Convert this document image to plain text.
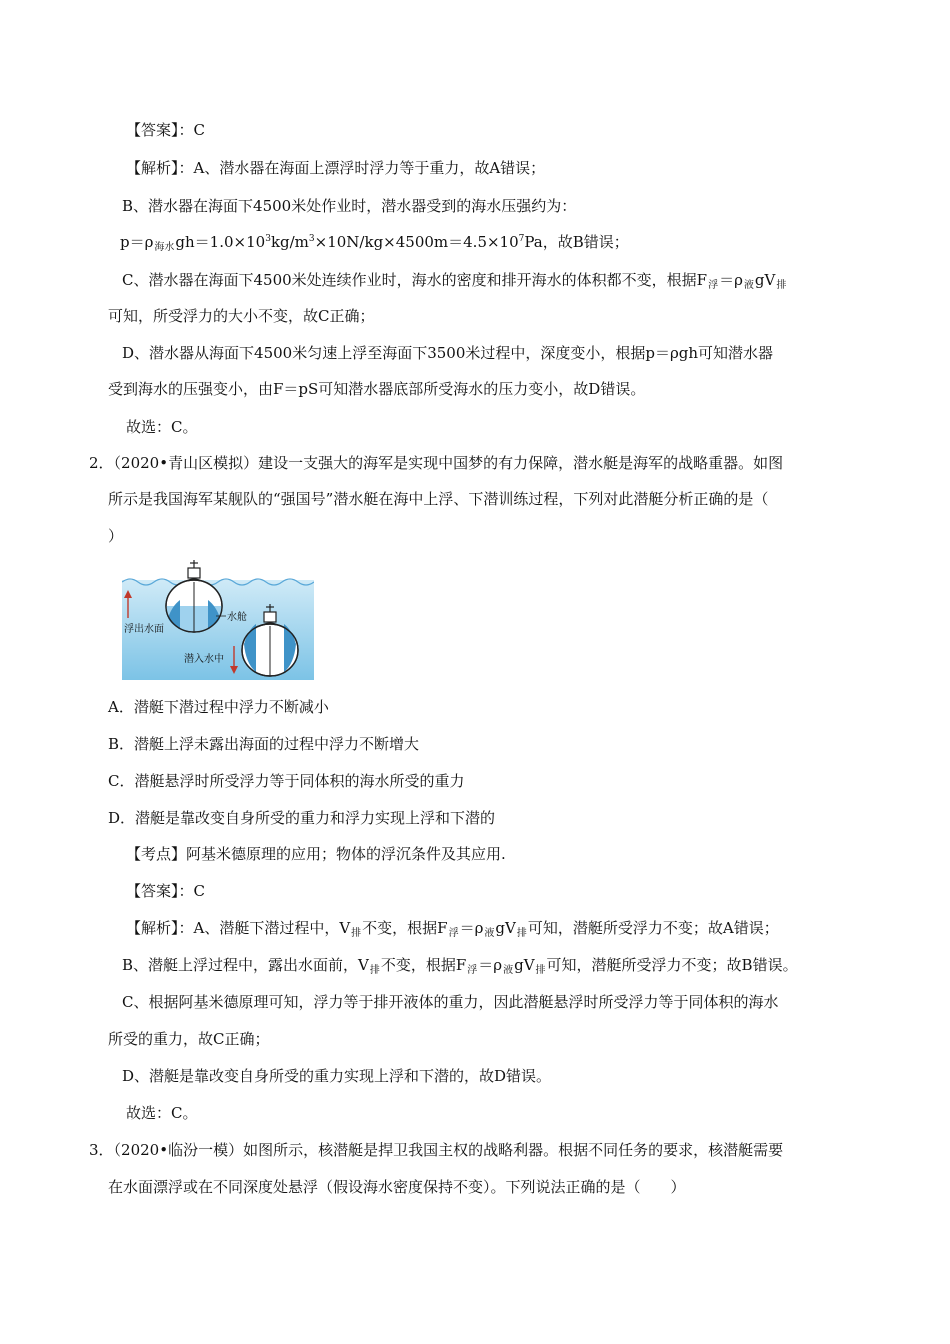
【答案】：C
【解析】：A、潜水器在海面上漂浮时浮力等于重力，故A错误；
B、潜水器在海面下4500米处作业时，潜水器受到的海水压强约为：
$p=\rho_{海水}gh=1.0\times 10^3kg/m^3\times 10N/kg\times 4500m=4.5\times 10^7Pa$，故B错误；
C、潜水器在海面下4500米处连续作业时，海水的密度和排开海水的体积都不变，根据$F_浮=\rho_液gV_排$
可知，所受浮力的大小不变，故C正确；
D、潜水器从海面下4500米匀速上浮至海面下3500米过程中，深度变小，根据p＝ρgh可知潜水器
受到海水的压强变小，由F＝pS可知潜水器底部所受海水的压力变小，故D错误。
故选：C。
2．（2020•青山区模拟）建设一支强大的海军是实现中国梦的有力保障，潜水艇是海军的战略重器。如图
所示是我国海军某舰队的“强国号”潜水艇在海中上浮、下潜训练过程，下列对此潜艇分析正确的是（
）
浮出水面
水舱
潜入水中
A．潜艇下潜过程中浮力不断减小
B．潜艇上浮未露出海面的过程中浮力不断增大
C．潜艇悬浮时所受浮力等于同体积的海水所受的重力
D．潜艇是靠改变自身所受的重力和浮力实现上浮和下潜的
【考点】阿基米德原理的应用；物体的浮沉条件及其应用.
【答案】：C
【解析】：A、潜艇下潜过程中，$V_排$不变，根据$F_浮=\rho_液gV_排$可知，潜艇所受浮力不变；故A错误；
B、潜艇上浮过程中，露出水面前，$V_排$不变，根据$F_浮=\rho_液gV_排$可知，潜艇所受浮力不变；故B错误。
C、根据阿基米德原理可知，浮力等于排开液体的重力，因此潜艇悬浮时所受浮力等于同体积的海水
所受的重力，故C正确；
D、潜艇是靠改变自身所受的重力实现上浮和下潜的，故D错误。
故选：C。
3．（2020•临汾一模）如图所示，核潜艇是捍卫我国主权的战略利器。根据不同任务的要求，核潜艇需要
在水面漂浮或在不同深度处悬浮（假设海水密度保持不变）。下列说法正确的是（　　）
